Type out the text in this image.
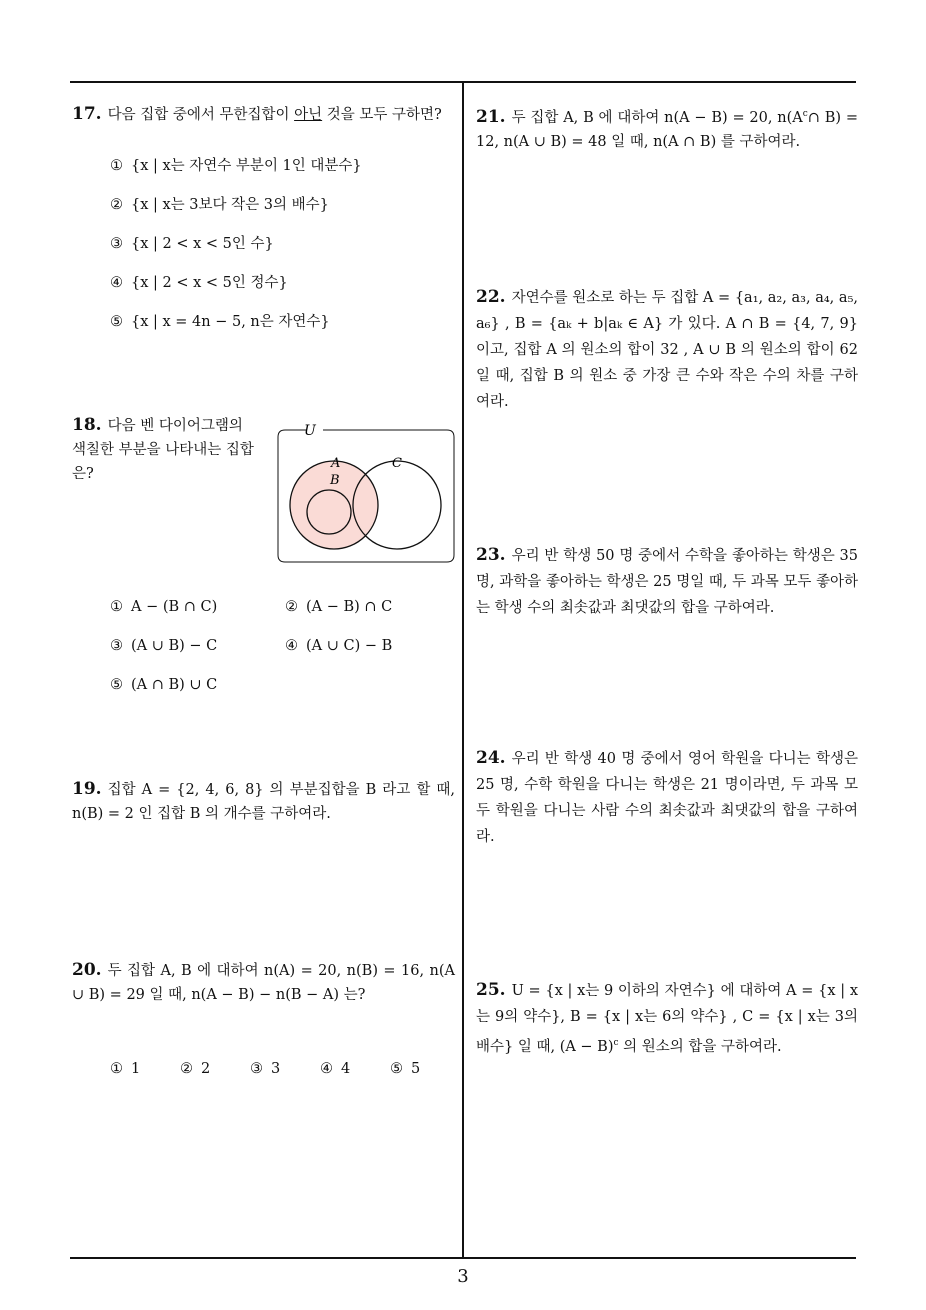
17. 다음 집합 중에서 무한집합이 아닌 것을 모두 구하면?
① {x | x는 자연수 부분이 1인 대분수}
② {x | x는 3보다 작은 3의 배수}
③ {x | 2 < x < 5인 수}
④ {x | 2 < x < 5인 정수}
⑤ {x | x = 4n − 5, n은 자연수}
18. 다음 벤 다이어그램의 색칠한 부분을 나타내는 집합은?
U
A
B
C
① A − (B ∩ C)	② (A − B) ∩ C
③ (A ∪ B) − C	④ (A ∪ C) − B
⑤ (A ∩ B) ∪ C
19. 집합 A = {2, 4, 6, 8} 의 부분집합을 B 라고 할 때, n(B) = 2 인 집합 B 의 개수를 구하여라.
20. 두 집합 A, B 에 대하여 n(A) = 20, n(B) = 16, n(A ∪ B) = 29 일 때, n(A − B) − n(B − A) 는?
① 1	② 2	③ 3	④ 4	⑤ 5
21. 두 집합 A, B 에 대하여 n(A − B) = 20, $n(A^c\cap$ B) = 12, n(A ∪ B) = 48 일 때, n(A ∩ B) 를 구하여라.
22. 자연수를 원소로 하는 두 집합 A = {a₁, a₂, a₃, a₄, a₅, a₆} , B = {aₖ + b|aₖ ∈ A} 가 있다. A ∩ B = {4, 7, 9} 이고, 집합 A 의 원소의 합이 32 , A ∪ B 의 원소의 합이 62 일 때, 집합 B 의 원소 중 가장 큰 수와 작은 수의 차를 구하여라.
23. 우리 반 학생 50 명 중에서 수학을 좋아하는 학생은 35 명, 과학을 좋아하는 학생은 25 명일 때, 두 과목 모두 좋아하는 학생 수의 최솟값과 최댓값의 합을 구하여라.
24. 우리 반 학생 40 명 중에서 영어 학원을 다니는 학생은 25 명, 수학 학원을 다니는 학생은 21 명이라면, 두 과목 모두 학원을 다니는 사람 수의 최솟값과 최댓값의 합을 구하여라.
25. U = {x | x는 9 이하의 자연수} 에 대하여 A = {x | x는 9의 약수}, B = {x | x는 6의 약수} , C = {x | x는 3의 배수} 일 때, $(A - B)^c$ 의 원소의 합을 구하여라.
3
